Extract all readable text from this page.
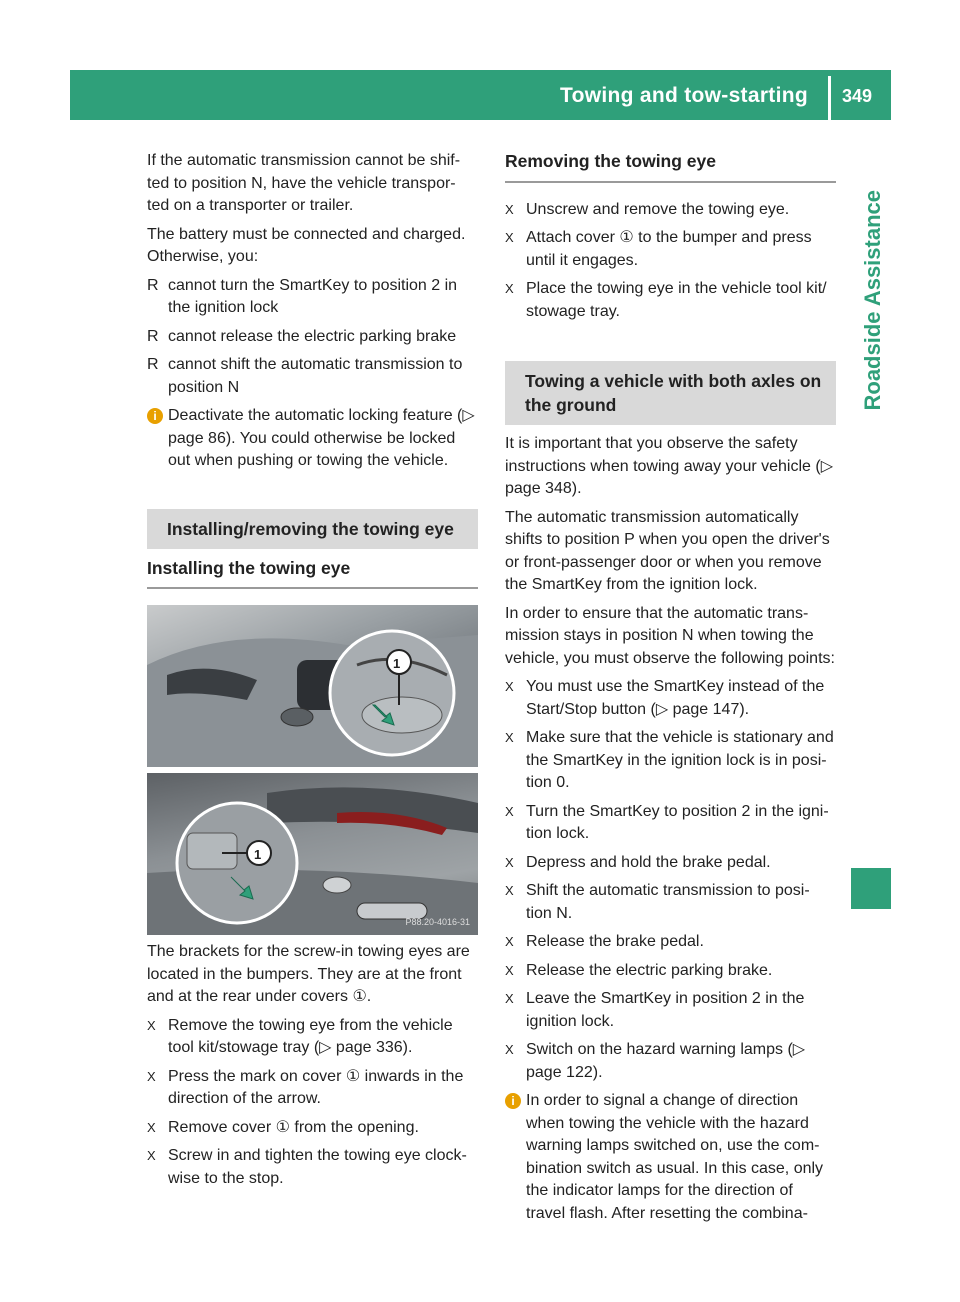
Towing and tow-starting 349
Roadside Assistance

If the automatic transmission cannot be shif- ted to position N, have the vehicle transpor- ted on a transporter or trailer.

The battery must be connected and charged. Otherwise, you:

R cannot turn the SmartKey to position 2 in the ignition lock
R cannot release the electric parking brake
R cannot shift the automatic transmission to position N
i Deactivate the automatic locking feature (▷ page 86). You could otherwise be locked out when pushing or towing the vehicle.
Installing/removing the towing eye
Installing the towing eye
1
1
P88.20-4016-31

The brackets for the screw-in towing eyes are located in the bumpers. They are at the front and at the rear under covers ①.

X Remove the towing eye from the vehicle tool kit/stowage tray (▷ page 336).
X Press the mark on cover ① inwards in the direction of the arrow.
X Remove cover ① from the opening.
X Screw in and tighten the towing eye clock- wise to the stop.
Removing the towing eye
X Unscrew and remove the towing eye.
X Attach cover ① to the bumper and press until it engages.
X Place the towing eye in the vehicle tool kit/ stowage tray.
Towing a vehicle with both axles on the ground

It is important that you observe the safety instructions when towing away your vehicle (▷ page 348).

The automatic transmission automatically shifts to position P when you open the driver's or front-passenger door or when you remove the SmartKey from the ignition lock.

In order to ensure that the automatic trans- mission stays in position N when towing the vehicle, you must observe the following points:

X You must use the SmartKey instead of the Start/Stop button (▷ page 147).
X Make sure that the vehicle is stationary and the SmartKey in the ignition lock is in posi- tion 0.
X Turn the SmartKey to position 2 in the igni- tion lock.
X Depress and hold the brake pedal.
X Shift the automatic transmission to posi- tion N.
X Release the brake pedal.
X Release the electric parking brake.
X Leave the SmartKey in position 2 in the ignition lock.
X Switch on the hazard warning lamps (▷ page 122).
i In order to signal a change of direction when towing the vehicle with the hazard warning lamps switched on, use the com- bination switch as usual. In this case, only the indicator lamps for the direction of travel flash. After resetting the combina-
